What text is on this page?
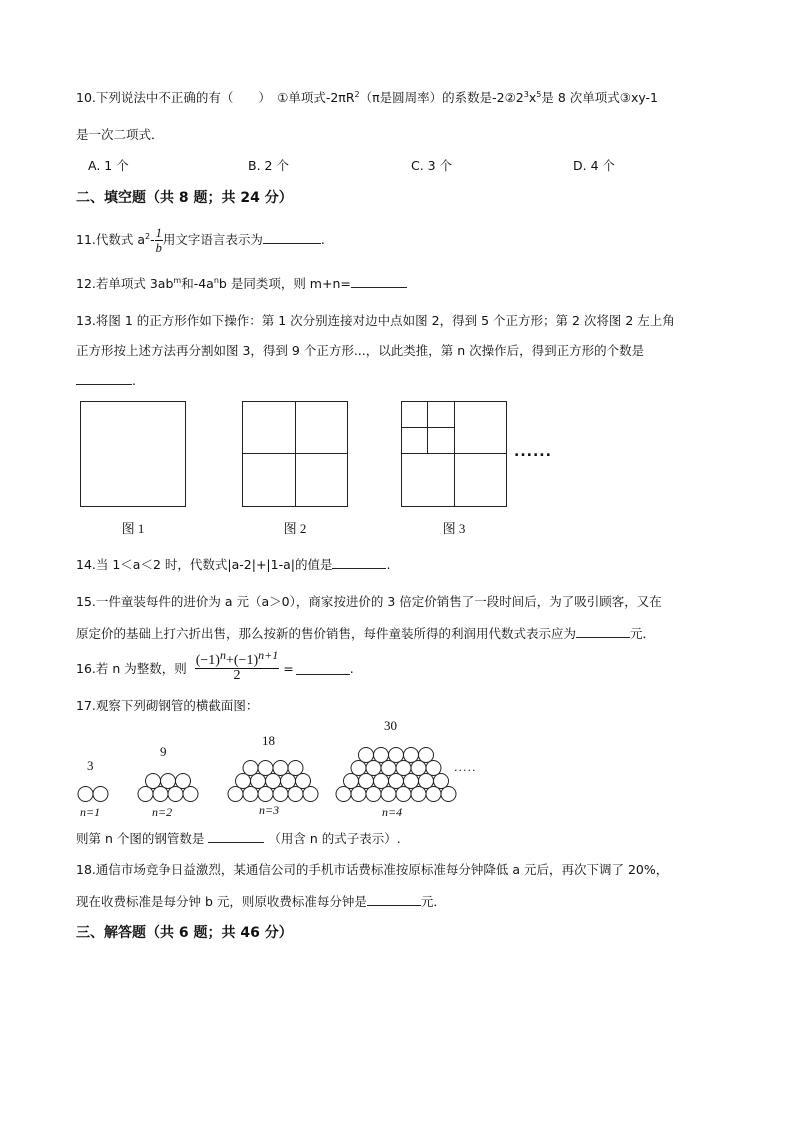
10.下列说法中不正确的有（　　）　①单项式$-2\pi R^2(\pi$是圆周率）的系数是$-2②2^3x^5$是 8 次单项式③xy-1
是一次二项式．
A. 1 个	B. 2 个	C. 3 个	D. 4 个
二、填空题（共 8 题；共 24 分）
11.代数式 $a^2- \frac{1}{b}$ 用文字语言表示为	.
12.若单项式 $3ab^m$和$-4a^nb$ 是同类项，则 m+n=
13.将图 1 的正方形作如下操作：第 1 次分别连接对边中点如图 2，得到 5 个正方形；第 2 次将图 2 左上角
正方形按上述方法再分割如图 3，得到 9 个正方形...，以此类推，第 n 次操作后，得到正方形的个数是
.
......
图 1	图 2	图 3
14.当 1＜a＜2 时，代数式|a-2|+|1-a|的值是	.
15.一件童装每件的进价为 a 元（a＞0），商家按进价的 3 倍定价销售了一段时间后，为了吸引顾客，又在
原定价的基础上打六折出售，那么按新的售价销售，每件童装所得的利润用代数式表示应为	元．
16.若 n 为整数，则 $\frac{(-1)^n+(-1)^{n+1}}{2}$ =	.
17.观察下列砌钢管的横截面图：
3
9
18
30
.....
n=1	n=2	n=3	n=4
则第 n 个图的钢管数是	（用含 n 的式子表示）.
18.通信市场竞争日益激烈，某通信公司的手机市话费标准按原标准每分钟降低 a 元后，再次下调了 20%，
现在收费标准是每分钟 b 元，则原收费标准每分钟是	元．
三、解答题（共 6 题；共 46 分）
